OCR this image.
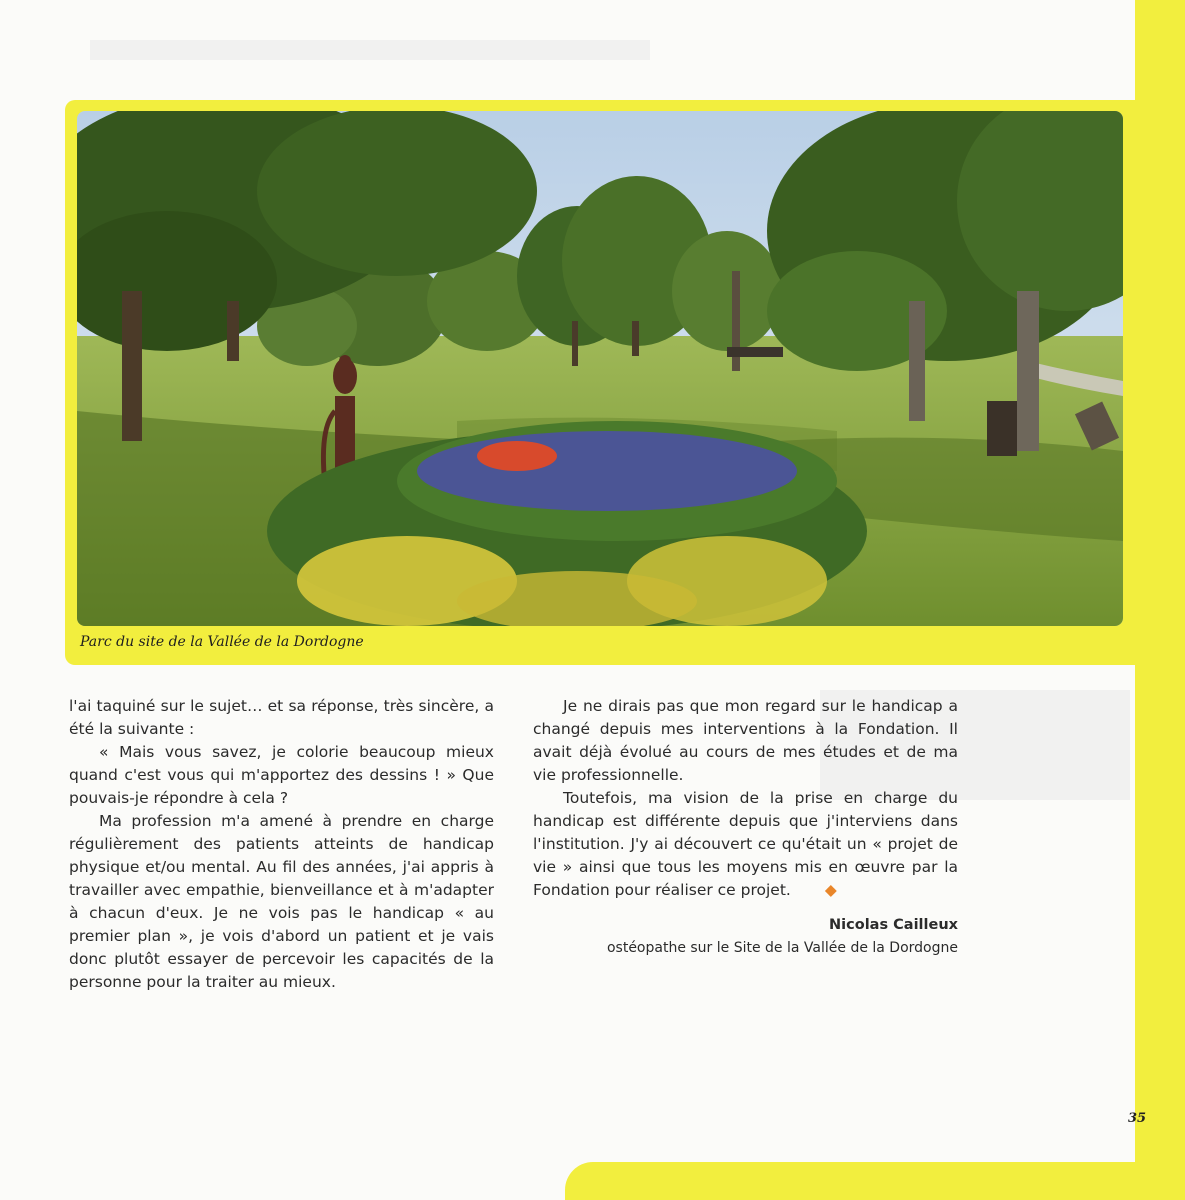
Parc du site de la Vallée de la Dordogne

l'ai taquiné sur le sujet… et sa réponse, très sincère, a été la suivante :

« Mais vous savez, je colorie beaucoup mieux quand c'est vous qui m'apportez des dessins ! » Que pouvais-je répondre à cela ?

Ma profession m'a amené à prendre en charge régulièrement des patients atteints de handicap physique et/ou mental. Au fil des années, j'ai appris à travailler avec empathie, bienveillance et à m'adapter à chacun d'eux. Je ne vois pas le handicap « au premier plan », je vois d'abord un patient et je vais donc plutôt essayer de percevoir les capacités de la personne pour la traiter au mieux.

Je ne dirais pas que mon regard sur le handicap a changé depuis mes interventions à la Fondation. Il avait déjà évolué au cours de mes études et de ma vie professionnelle.

Toutefois, ma vision de la prise en charge du handicap est différente depuis que j'interviens dans l'institution. J'y ai découvert ce qu'était un « projet de vie » ainsi que tous les moyens mis en œuvre par la Fondation pour réaliser ce projet. ◆

Nicolas Cailleux
ostéopathe sur le Site de la Vallée de la Dordogne
35
